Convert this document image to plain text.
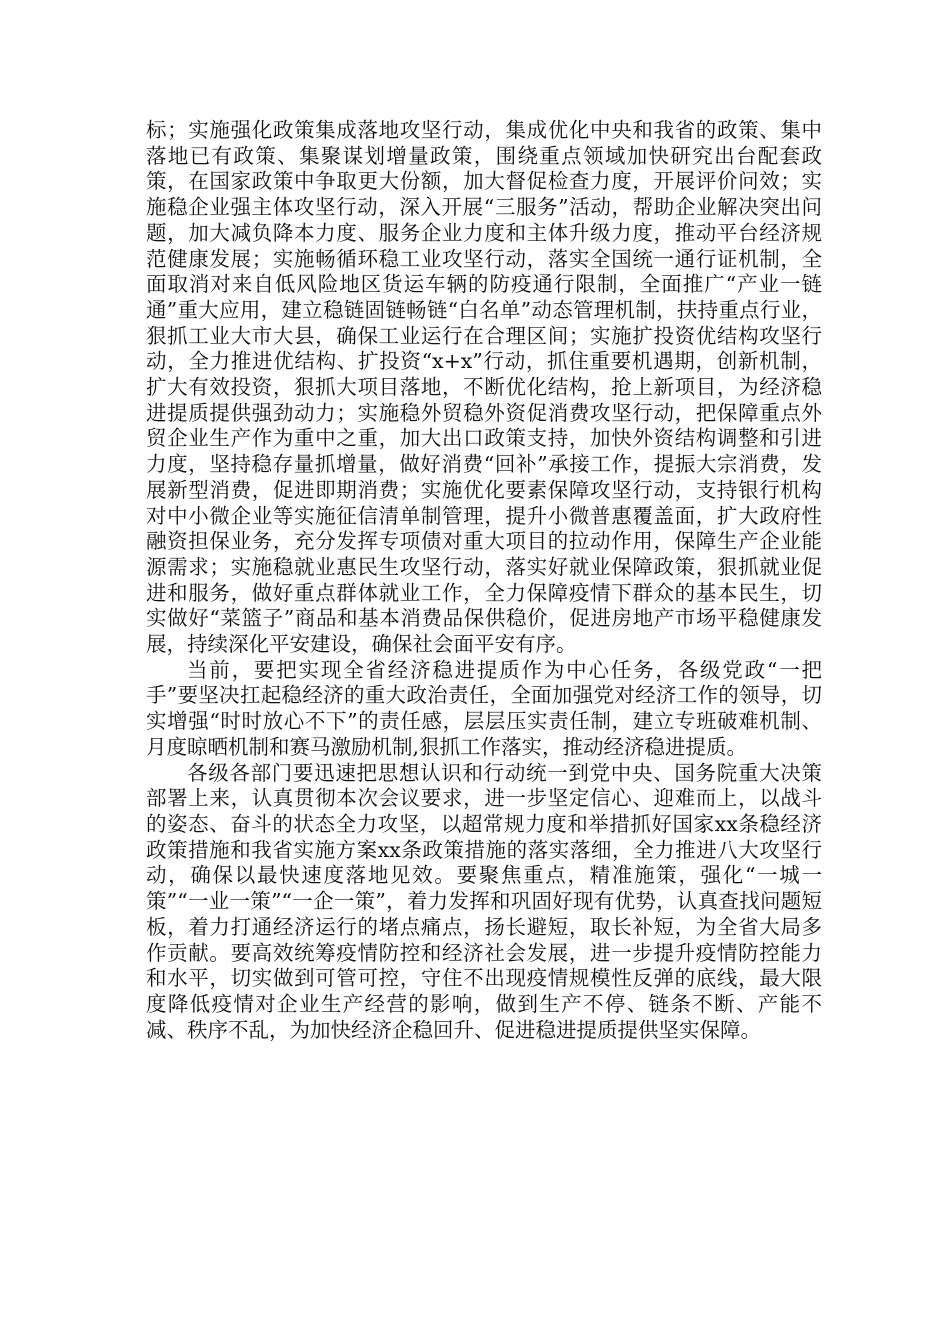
标；实施强化政策集成落地攻坚行动，集成优化中央和我省的政策、集中落地已有政策、集聚谋划增量政策，围绕重点领域加快研究出台配套政策，在国家政策中争取更大份额，加大督促检查力度，开展评价问效；实施稳企业强主体攻坚行动，深入开展“三服务”活动，帮助企业解决突出问题，加大减负降本力度、服务企业力度和主体升级力度，推动平台经济规范健康发展；实施畅循环稳工业攻坚行动，落实全国统一通行证机制，全面取消对来自低风险地区货运车辆的防疫通行限制，全面推广“产业一链通”重大应用，建立稳链固链畅链“白名单”动态管理机制，扶持重点行业，狠抓工业大市大县，确保工业运行在合理区间；实施扩投资优结构攻坚行动，全力推进优结构、扩投资“x+x”行动，抓住重要机遇期，创新机制，扩大有效投资，狠抓大项目落地，不断优化结构，抢上新项目，为经济稳进提质提供强劲动力；实施稳外贸稳外资促消费攻坚行动，把保障重点外贸企业生产作为重中之重，加大出口政策支持，加快外资结构调整和引进力度，坚持稳存量抓增量，做好消费“回补”承接工作，提振大宗消费，发展新型消费，促进即期消费；实施优化要素保障攻坚行动，支持银行机构对中小微企业等实施征信清单制管理，提升小微普惠覆盖面，扩大政府性融资担保业务，充分发挥专项债对重大项目的拉动作用，保障生产企业能源需求；实施稳就业惠民生攻坚行动，落实好就业保障政策，狠抓就业促进和服务，做好重点群体就业工作，全力保障疫情下群众的基本民生，切实做好“菜篮子”商品和基本消费品保供稳价，促进房地产市场平稳健康发展，持续深化平安建设，确保社会面平安有序。

当前，要把实现全省经济稳进提质作为中心任务，各级党政“一把手”要坚决扛起稳经济的重大政治责任，全面加强党对经济工作的领导，切实增强“时时放心不下”的责任感，层层压实责任制，建立专班破难机制、月度晾晒机制和赛马激励机制,狠抓工作落实，推动经济稳进提质。

各级各部门要迅速把思想认识和行动统一到党中央、国务院重大决策部署上来，认真贯彻本次会议要求，进一步坚定信心、迎难而上，以战斗的姿态、奋斗的状态全力攻坚，以超常规力度和举措抓好国家xx条稳经济政策措施和我省实施方案xx条政策措施的落实落细，全力推进八大攻坚行动，确保以最快速度落地见效。要聚焦重点，精准施策，强化“一城一策”“一业一策”“一企一策”，着力发挥和巩固好现有优势，认真查找问题短板，着力打通经济运行的堵点痛点，扬长避短，取长补短，为全省大局多作贡献。要高效统筹疫情防控和经济社会发展，进一步提升疫情防控能力和水平，切实做到可管可控，守住不出现疫情规模性反弹的底线，最大限度降低疫情对企业生产经营的影响，做到生产不停、链条不断、产能不减、秩序不乱，为加快经济企稳回升、促进稳进提质提供坚实保障。
